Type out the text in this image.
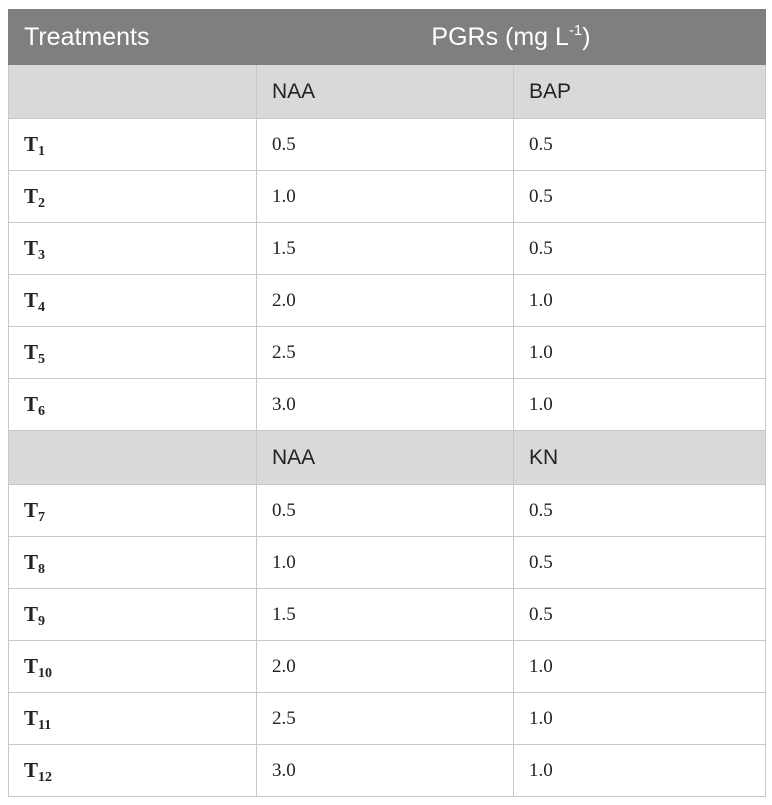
Treatments	PGRs (mg $L^{-1}$)	
	NAA	BAP
$T_1$	0.5	0.5
$T_2$	1.0	0.5
$T_3$	1.5	0.5
$T_4$	2.0	1.0
$T_5$	2.5	1.0
$T_6$	3.0	1.0
	NAA	KN
$T_7$	0.5	0.5
$T_8$	1.0	0.5
$T_9$	1.5	0.5
$T_{10}$	2.0	1.0
$T_{11}$	2.5	1.0
$T_{12}$	3.0	1.0
